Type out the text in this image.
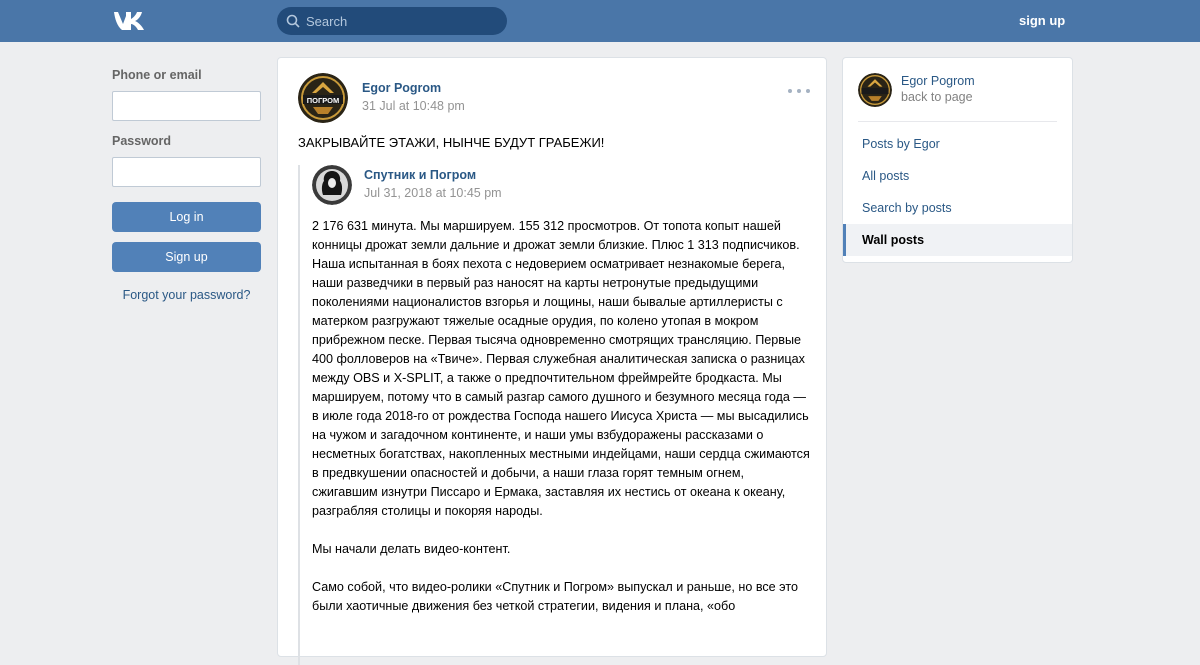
Search
sign up
Phone or email
Password
Log in
Sign up
Forgot your password?
ПОГРОМ
Egor Pogrom
31 Jul at 10:48 pm
ЗАКРЫВАЙТЕ ЭТАЖИ, НЫНЧЕ БУДУТ ГРАБЕЖИ!
Спутник и Погром
Jul 31, 2018 at 10:45 pm

2 176 631 минута. Мы маршируем. 155 312 просмотров. От топота копыт нашей конницы дрожат земли дальние и дрожат земли близкие. Плюс 1 313 подписчиков. Наша испытанная в боях пехота с недоверием осматривает незнакомые берега, наши разведчики в первый раз наносят на карты нетронутые предыдущими поколениями националистов взгорья и лощины, наши бывалые артиллеристы с матерком разгружают тяжелые осадные орудия, по колено утопая в мокром прибрежном песке. Первая тысяча одновременно смотрящих трансляцию. Первые 400 фолловеров на «Твиче». Первая служебная аналитическая записка о разницах между OBS и X-SPLIT, а также о предпочтительном фреймрейте бродкаста. Мы маршируем, потому что в самый разгар самого душного и безумного месяца года — в июле года 2018-го от рождества Господа нашего Иисуса Христа — мы высадились на чужом и загадочном континенте, и наши умы взбудоражены рассказами о несметных богатствах, накопленных местными индейцами, наши сердца сжимаются в предвкушении опасностей и добычи, а наши глаза горят темным огнем, сжигавшим изнутри Писсаро и Ермака, заставляя их нестись от океана к океану, разграбляя столицы и покоряя народы.

Мы начали делать видео-контент.

Само собой, что видео-ролики «Спутник и Погром» выпускал и раньше, но все это были хаотичные движения без четкой стратегии, видения и плана, «обо

Egor Pogrom
back to page
Posts by Egor
All posts
Search by posts
Wall posts
